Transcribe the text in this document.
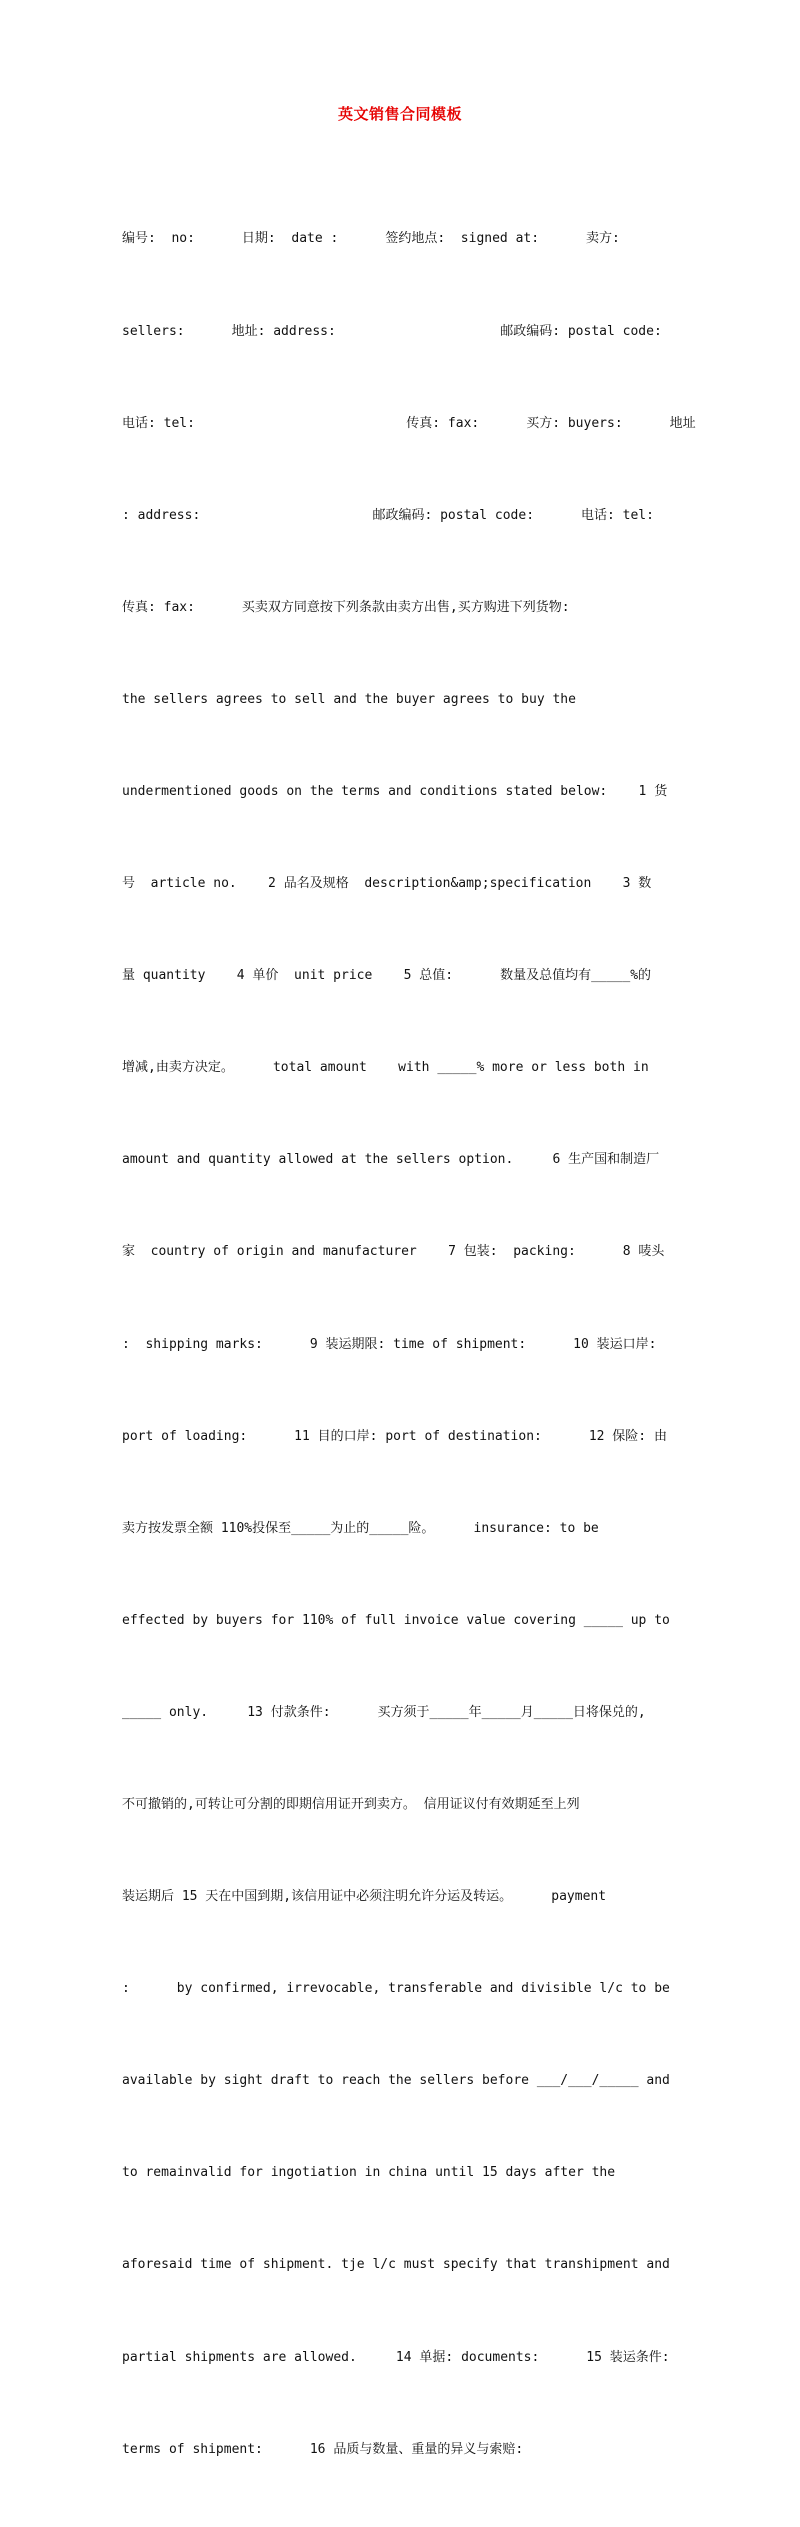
英文销售合同模板

编号:  no:      日期:  date :      签约地点:  signed at:      卖方:

sellers:      地址: address:                     邮政编码: postal code:

电话: tel:                           传真: fax:      买方: buyers:      地址

: address:                      邮政编码: postal code:      电话: tel:

传真: fax:      买卖双方同意按下列条款由卖方出售,买方购进下列货物:

the sellers agrees to sell and the buyer agrees to buy the

undermentioned goods on the terms and conditions stated below:    1 货

号  article no.    2 品名及规格  description&amp;specification    3 数

量 quantity    4 单价  unit price    5 总值:      数量及总值均有_____%的

增减,由卖方决定。     total amount    with _____% more or less both in

amount and quantity allowed at the sellers option.     6 生产国和制造厂

家  country of origin and manufacturer    7 包装:  packing:      8 唛头

:  shipping marks:      9 装运期限: time of shipment:      10 装运口岸:

port of loading:      11 目的口岸: port of destination:      12 保险: 由

卖方按发票全额 110%投保至_____为止的_____险。     insurance: to be

effected by buyers for 110% of full invoice value covering _____ up to

_____ only.     13 付款条件:      买方须于_____年_____月_____日将保兑的,

不可撤销的,可转让可分割的即期信用证开到卖方。 信用证议付有效期延至上列

装运期后 15 天在中国到期,该信用证中必须注明允许分运及转运。     payment

:      by confirmed, irrevocable, transferable and divisible l/c to be

available by sight draft to reach the sellers before ___/___/_____ and

to remainvalid for ingotiation in china until 15 days after the

aforesaid time of shipment. tje l/c must specify that transhipment and

partial shipments are allowed.     14 单据: documents:      15 装运条件:

terms of shipment:      16 品质与数量、重量的异义与索赔:
